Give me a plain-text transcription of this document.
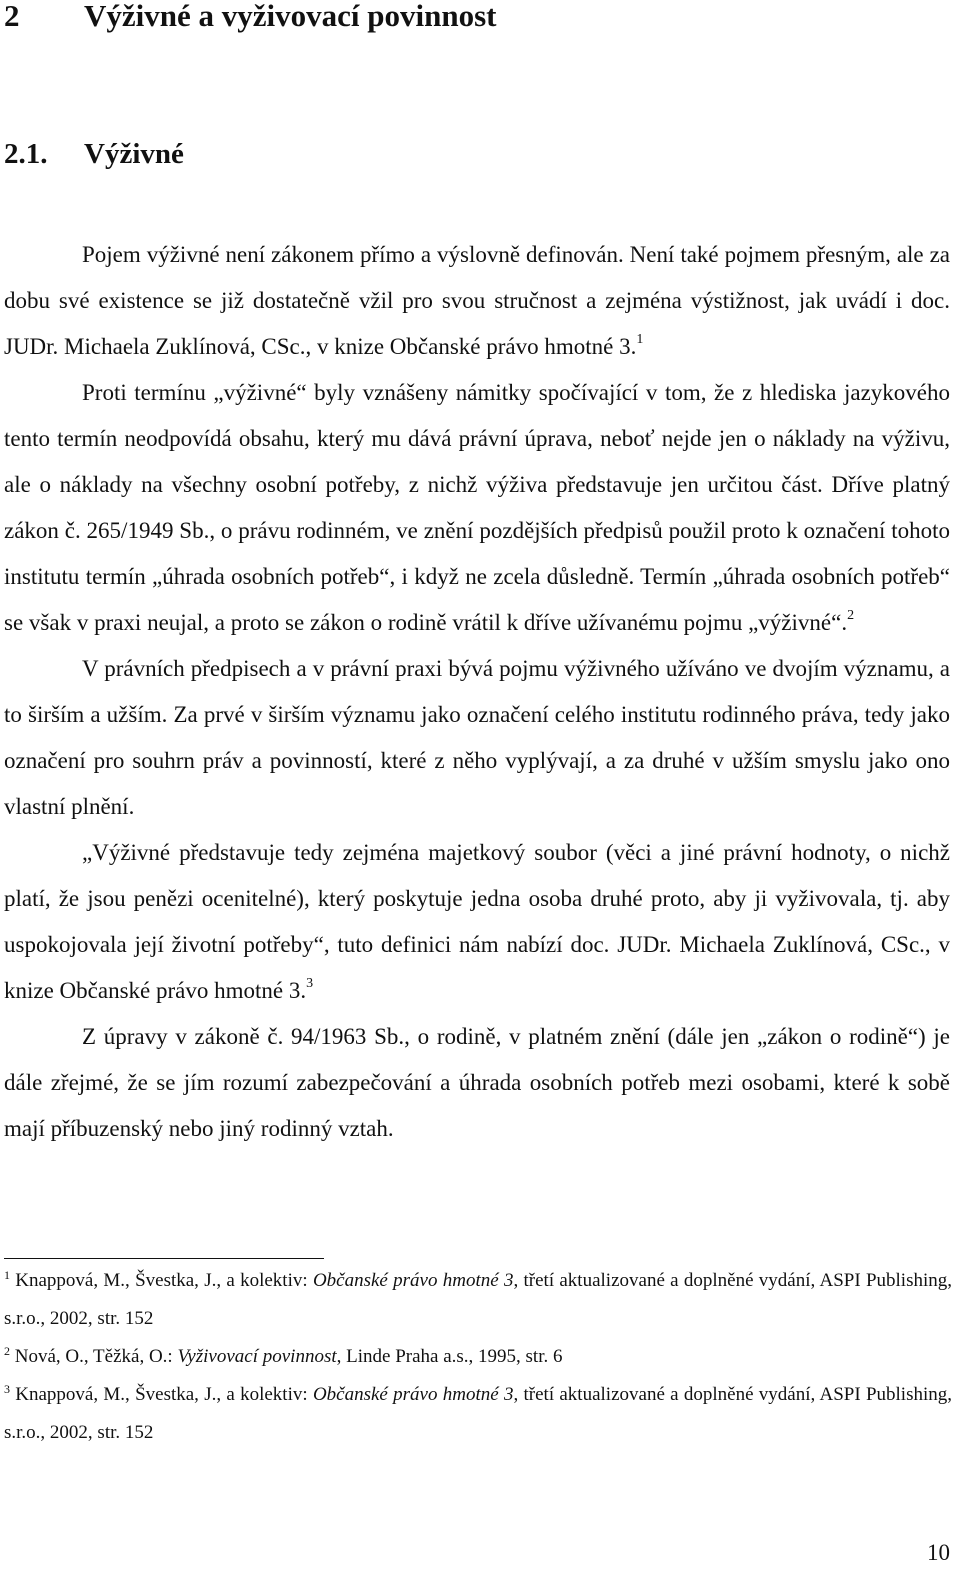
2 Výživné a vyživovací povinnost
2.1. Výživné

Pojem výživné není zákonem přímo a výslovně definován. Není také pojmem přesným, ale za dobu své existence se již dostatečně vžil pro svou stručnost a zejména výstižnost, jak uvádí i doc. JUDr. Michaela Zuklínová, CSc., v knize Občanské právo hmotné 3.$^1$

Proti termínu „výživné“ byly vznášeny námitky spočívající v tom, že z hlediska jazykového tento termín neodpovídá obsahu, který mu dává právní úprava, neboť nejde jen o náklady na výživu, ale o náklady na všechny osobní potřeby, z nichž výživa představuje jen určitou část. Dříve platný zákon č. 265/1949 Sb., o právu rodinném, ve znění pozdějších předpisů použil proto k označení tohoto institutu termín „úhrada osobních potřeb“, i když ne zcela důsledně. Termín „úhrada osobních potřeb“ se však v praxi neujal, a proto se zákon o rodině vrátil k dříve užívanému pojmu „výživné“.$^2$

V právních předpisech a v právní praxi bývá pojmu výživného užíváno ve dvojím významu, a to širším a užším. Za prvé v širším významu jako označení celého institutu rodinného práva, tedy jako označení pro souhrn práv a povinností, které z něho vyplývají, a za druhé v užším smyslu jako ono vlastní plnění.

„Výživné představuje tedy zejména majetkový soubor (věci a jiné právní hodnoty, o nichž platí, že jsou penězi ocenitelné), který poskytuje jedna osoba druhé proto, aby ji vyživovala, tj. aby uspokojovala její životní potřeby“, tuto definici nám nabízí doc. JUDr. Michaela Zuklínová, CSc., v knize Občanské právo hmotné 3.$^3$

Z úpravy v zákoně č. 94/1963 Sb., o rodině, v platném znění (dále jen „zákon o rodině“) je dále zřejmé, že se jím rozumí zabezpečování a úhrada osobních potřeb mezi osobami, které k sobě mají příbuzenský nebo jiný rodinný vztah.

$^1$ Knappová, M., Švestka, J., a kolektiv: Občanské právo hmotné 3, třetí aktualizované a doplněné vydání, ASPI Publishing, s.r.o., 2002, str. 152

$^2$ Nová, O., Těžká, O.: Vyživovací povinnost, Linde Praha a.s., 1995, str. 6

$^3$ Knappová, M., Švestka, J., a kolektiv: Občanské právo hmotné 3, třetí aktualizované a doplněné vydání, ASPI Publishing, s.r.o., 2002, str. 152

10
